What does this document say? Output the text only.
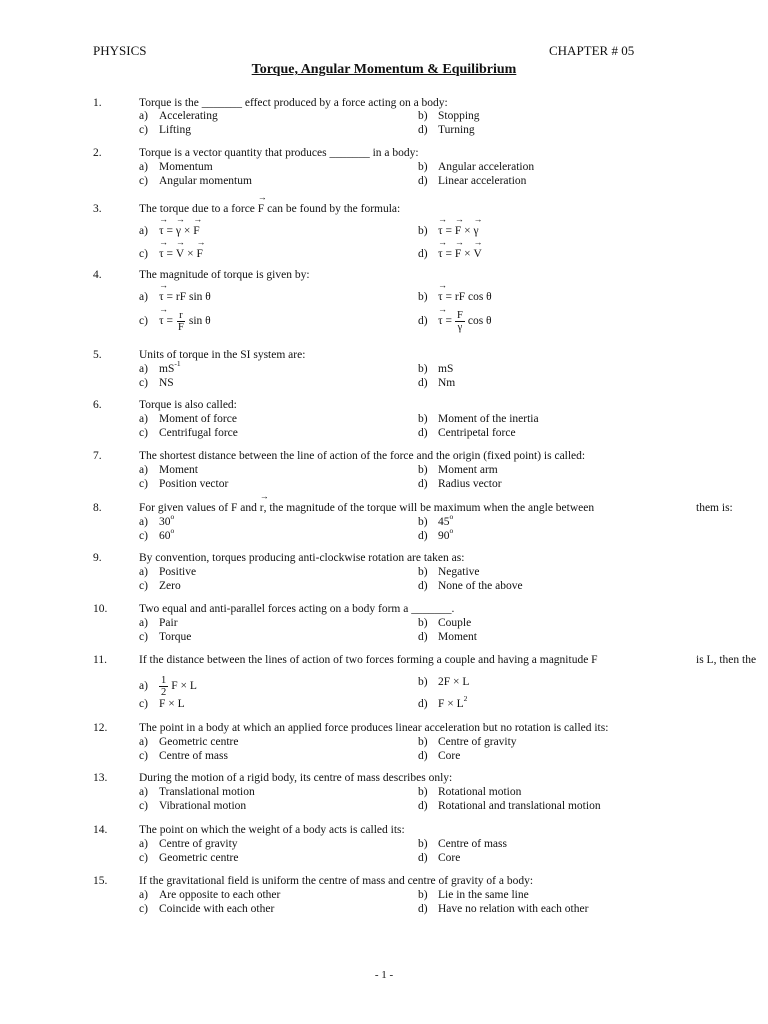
PHYSICS	CHAPTER # 05
Torque, Angular Momentum & Equilibrium
1.	Torque is the _______ effect produced by a force acting on a body:
a) Accelerating	b) Stopping
c) Lifting	d) Turning
2.	Torque is a vector quantity that produces _______ in a body:
a) Momentum	b) Angular acceleration
c) Angular momentum	d) Linear acceleration
3.	The torque due to a force → F can be found by the formula:
a) → τ = → γ × → F	b) → τ = → F × → γ
c) → τ = → V × → F	d) → τ = → F × → V
4.	The magnitude of torque is given by:
a) → τ = rF sin θ	b) → τ = rF cos θ
$c) \to \tau = \frac{r}{F}$ sin θ	$d) \to \tau = \frac{F}{\gamma}$ cos θ
5.	Units of torque in the SI system are:
a) $mS^{-1}$	b) mS
c) NS	d) Nm
6.	Torque is also called:
a) Moment of force	b) Moment of the inertia
c) Centrifugal force	d) Centripetal force
7.	The shortest distance between the line of action of the force and the origin (fixed point) is called:
a) Moment	b) Moment arm
c) Position vector	d) Radius vector
8.	For given values of F and → r, the magnitude of the torque will be maximum when the angle between	them is:
a) 30$^o$	b) 45$^o$
c) 60$^o$	d) 90$^o$
9.	By convention, torques producing anti-clockwise rotation are taken as:
a) Positive	b) Negative
c) Zero	d) None of the above
10.	Two equal and anti-parallel forces acting on a body form a _______.
a) Pair	b) Couple
c) Torque	d) Moment
11.	If the distance between the lines of action of two forces forming a couple and having a magnitude F	is L, then the
$a) \frac{1}{2}$ F × L	b) 2F × L
c) F × L	d) $F \times L^2$
12.	The point in a body at which an applied force produces linear acceleration but no rotation is called its:
a) Geometric centre	b) Centre of gravity
c) Centre of mass	d) Core
13.	During the motion of a rigid body, its centre of mass describes only:
a) Translational motion	b) Rotational motion
c) Vibrational motion	d) Rotational and translational motion
14.	The point on which the weight of a body acts is called its:
a) Centre of gravity	b) Centre of mass
c) Geometric centre	d) Core
15.	If the gravitational field is uniform the centre of mass and centre of gravity of a body:
a) Are opposite to each other	b) Lie in the same line
c) Coincide with each other	d) Have no relation with each other
- 1 -
